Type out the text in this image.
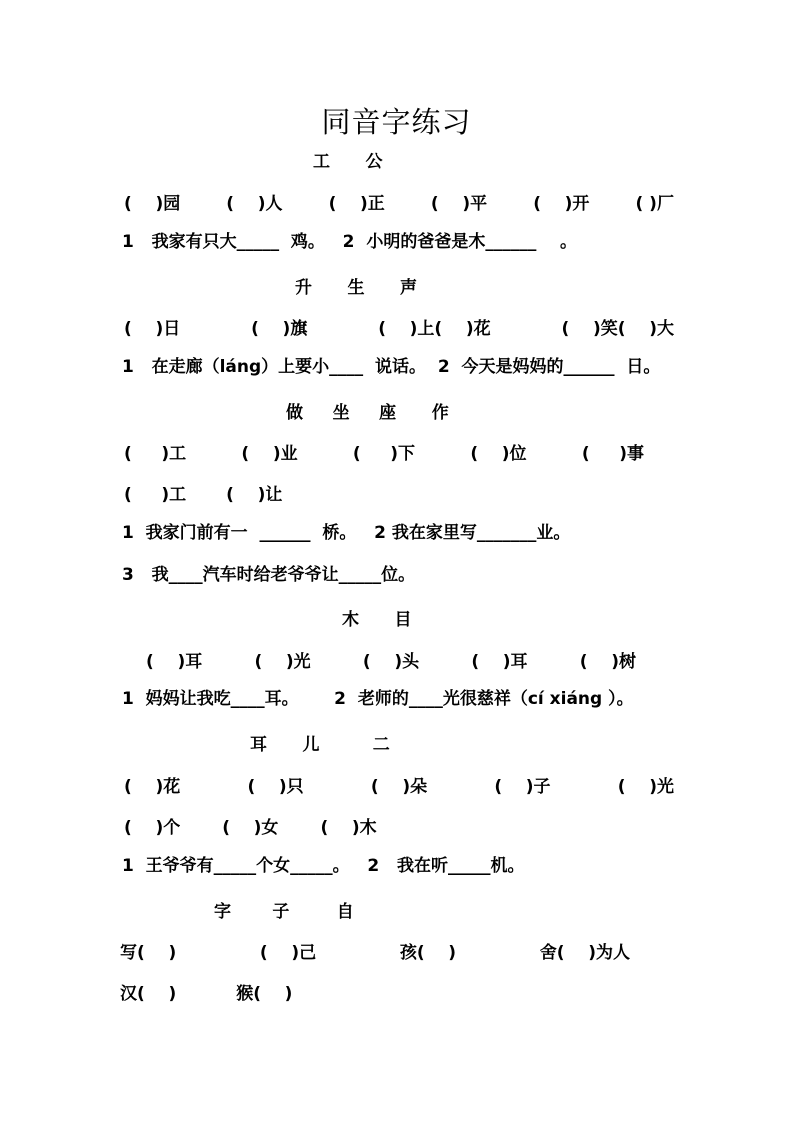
同音字练习
工      公
(    )园	(    )人	(    )正	(    )平	(    )开	( )厂
1   我家有只大_____  鸡。   2  小明的爸爸是木______    。
升      生      声
(    )日	(    )旗	(    )上(    )花	(    )笑(    )大
1   在走廊（láng）上要小____  说话。  2  今天是妈妈的______  日。
做     坐     座      作
(     )工	(    )业	(     )下	(    )位	(     )事
(     )工 (    )让
1  我家门前有一  ______  桥。   2 我在家里写_______业。
3   我____汽车时给老爷爷让_____位。
木      目
(    )耳	(    )光	(    )头	(    )耳	(    )树
1  妈妈让我吃____耳。      2  老师的____光很慈祥（cí xiáng ）。
耳      儿         二
(    )花	(    )只	(    )朵	(    )子	(    )光
(    )个 (    )女 (    )木
1  王爷爷有_____个女_____。   2   我在听_____机。
字       子        自
写(    )	(    )己	孩(    )	舍(    )为人
汉(    )	猴(    )
